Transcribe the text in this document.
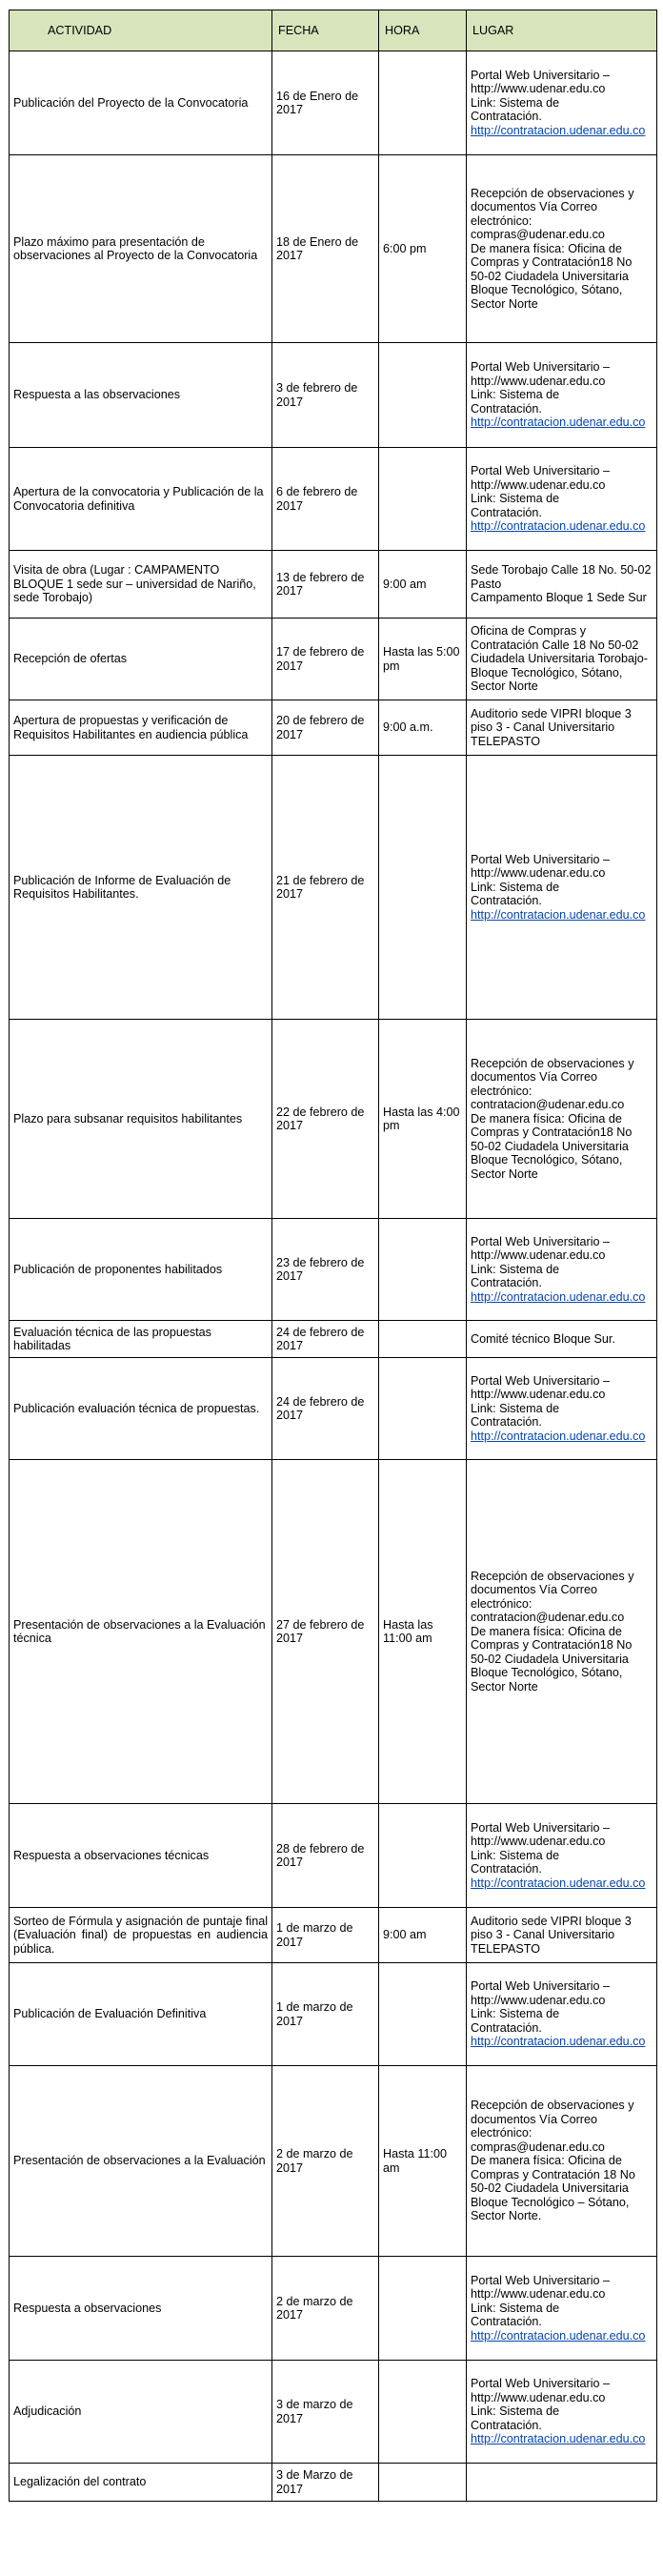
ACTIVIDAD	FECHA	HORA	LUGAR
Publicación del Proyecto de la Convocatoria	16 de Enero de 2017		Portal Web Universitario –
http://www.udenar.edu.co
Link: Sistema de
Contratación.
http://contratacion.udenar.edu.co

Plazo máximo para presentación de observaciones al Proyecto de la Convocatoria	18 de Enero de 2017	6:00 pm	Recepción de observaciones y
documentos Vía Correo electrónico:
compras@udenar.edu.co
De manera física: Oficina de Compras y Contratación18 No 50-02 Ciudadela Universitaria
Bloque Tecnológico, Sótano, Sector Norte

Respuesta a las observaciones	3 de febrero de 2017		Portal Web Universitario –
http://www.udenar.edu.co
Link: Sistema de
Contratación.
http://contratacion.udenar.edu.co

Apertura de la convocatoria y Publicación de la Convocatoria definitiva	6 de febrero de 2017		Portal Web Universitario –
http://www.udenar.edu.co
Link: Sistema de
Contratación.
http://contratacion.udenar.edu.co

Visita de obra (Lugar : CAMPAMENTO BLOQUE 1 sede sur – universidad de Nariño, sede Torobajo)	13 de febrero de 2017	9:00 am	Sede Torobajo Calle 18 No. 50-02 Pasto
Campamento Bloque 1 Sede Sur

Recepción de ofertas	17 de febrero de 2017	Hasta las 5:00 pm	Oficina de Compras y Contratación Calle 18 No 50-02
Ciudadela Universitaria Torobajo- Bloque Tecnológico, Sótano, Sector Norte

Apertura de propuestas y verificación de Requisitos Habilitantes en audiencia pública	20 de febrero de 2017	9:00 a.m.	Auditorio sede VIPRI bloque 3 piso 3 - Canal Universitario TELEPASTO

Publicación de Informe de Evaluación de Requisitos Habilitantes.	21 de febrero de 2017		Portal Web Universitario –
http://www.udenar.edu.co
Link: Sistema de
Contratación.
http://contratacion.udenar.edu.co

Plazo para subsanar requisitos habilitantes	22 de febrero de 2017	Hasta las 4:00 pm	Recepción de observaciones y
documentos Vía Correo electrónico:
contratacion@udenar.edu.co
De manera física: Oficina de Compras y Contratación18 No 50-02 Ciudadela Universitaria
Bloque Tecnológico, Sótano, Sector Norte

Publicación de proponentes habilitados	23 de febrero de 2017		Portal Web Universitario –
http://www.udenar.edu.co
Link: Sistema de
Contratación.
http://contratacion.udenar.edu.co

Evaluación técnica de las propuestas habilitadas	24 de febrero de 2017		Comité técnico Bloque Sur.

Publicación evaluación técnica de propuestas.	24 de febrero de 2017		Portal Web Universitario –
http://www.udenar.edu.co
Link: Sistema de
Contratación.
http://contratacion.udenar.edu.co

Presentación de observaciones a la Evaluación técnica	27 de febrero de 2017	Hasta las 11:00 am	Recepción de observaciones y
documentos Vía Correo electrónico:
contratacion@udenar.edu.co
De manera física: Oficina de Compras y Contratación18 No 50-02 Ciudadela Universitaria
Bloque Tecnológico, Sótano, Sector Norte

Respuesta a observaciones técnicas	28 de febrero de 2017		Portal Web Universitario –
http://www.udenar.edu.co
Link: Sistema de
Contratación.
http://contratacion.udenar.edu.co

Sorteo de Fórmula y asignación de puntaje final (Evaluación final) de propuestas en audiencia pública.	1 de marzo de 2017	9:00 am	Auditorio sede VIPRI bloque 3 piso 3 - Canal Universitario TELEPASTO

Publicación de Evaluación Definitiva	1 de marzo de 2017		Portal Web Universitario –
http://www.udenar.edu.co
Link: Sistema de
Contratación.
http://contratacion.udenar.edu.co

Presentación de observaciones a la Evaluación	2 de marzo de 2017	Hasta 11:00 am	Recepción de observaciones y
documentos Vía Correo electrónico:
compras@udenar.edu.co
De manera física: Oficina de Compras y Contratación 18 No 50-02 Ciudadela Universitaria Bloque Tecnológico – Sótano, Sector Norte.

Respuesta a observaciones	2 de marzo de 2017		Portal Web Universitario –
http://www.udenar.edu.co
Link: Sistema de
Contratación.
http://contratacion.udenar.edu.co

Adjudicación	3 de marzo de 2017		Portal Web Universitario –
http://www.udenar.edu.co
Link: Sistema de
Contratación.
http://contratacion.udenar.edu.co

Legalización del contrato	3 de Marzo de 2017		
